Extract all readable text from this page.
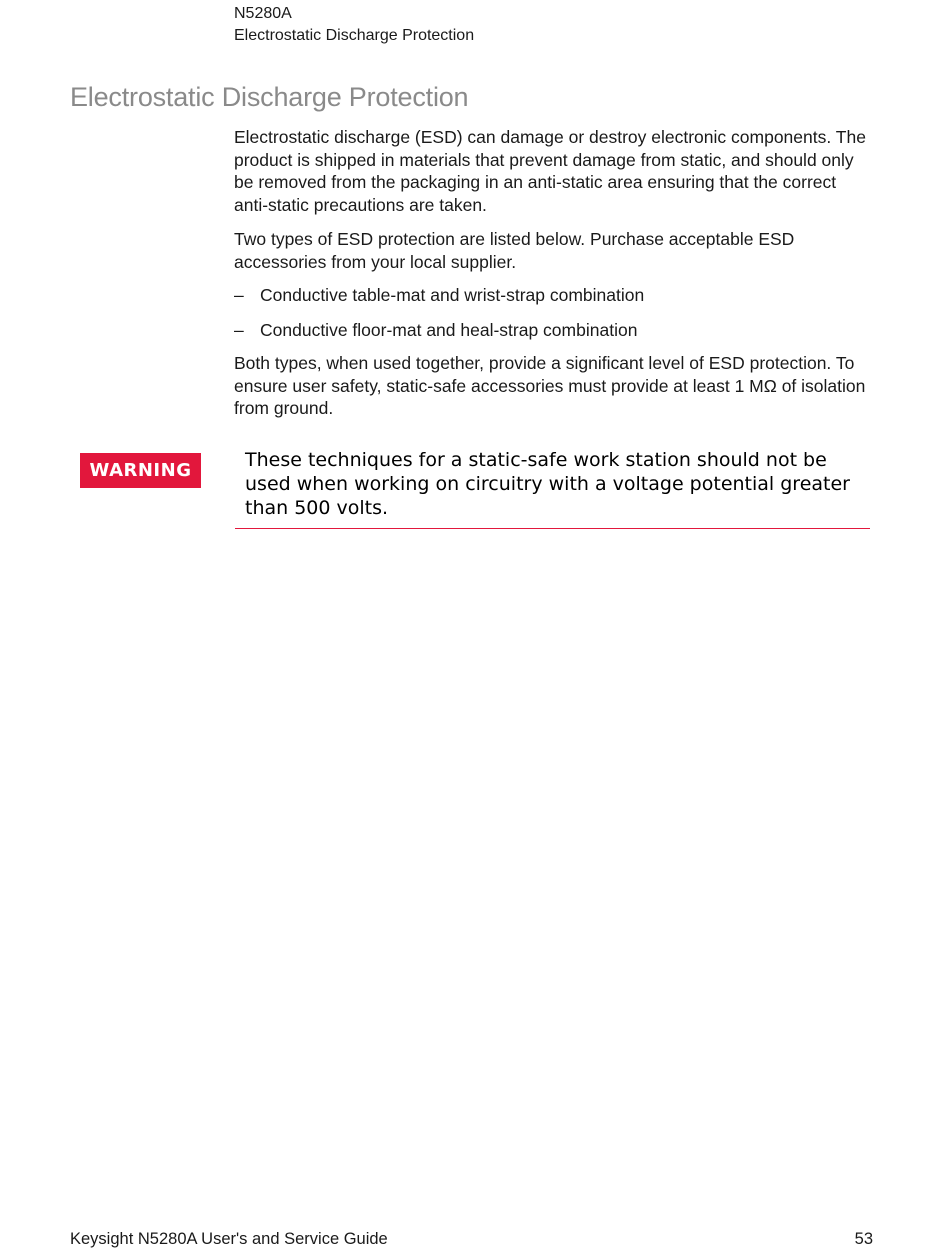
N5280A
Electrostatic Discharge Protection
Electrostatic Discharge Protection
Electrostatic discharge (ESD) can damage or destroy electronic components. The product is shipped in materials that prevent damage from static, and should only be removed from the packaging in an anti-static area ensuring that the correct anti-static precautions are taken.
Two types of ESD protection are listed below. Purchase acceptable ESD accessories from your local supplier.
– Conductive table-mat and wrist-strap combination
– Conductive floor-mat and heal-strap combination
Both types, when used together, provide a significant level of ESD protection. To ensure user safety, static-safe accessories must provide at least 1 MΩ of isolation from ground.
WARNING	These techniques for a static-safe work station should not be used when working on circuitry with a voltage potential greater than 500 volts.
Keysight N5280A User's and Service Guide	53
